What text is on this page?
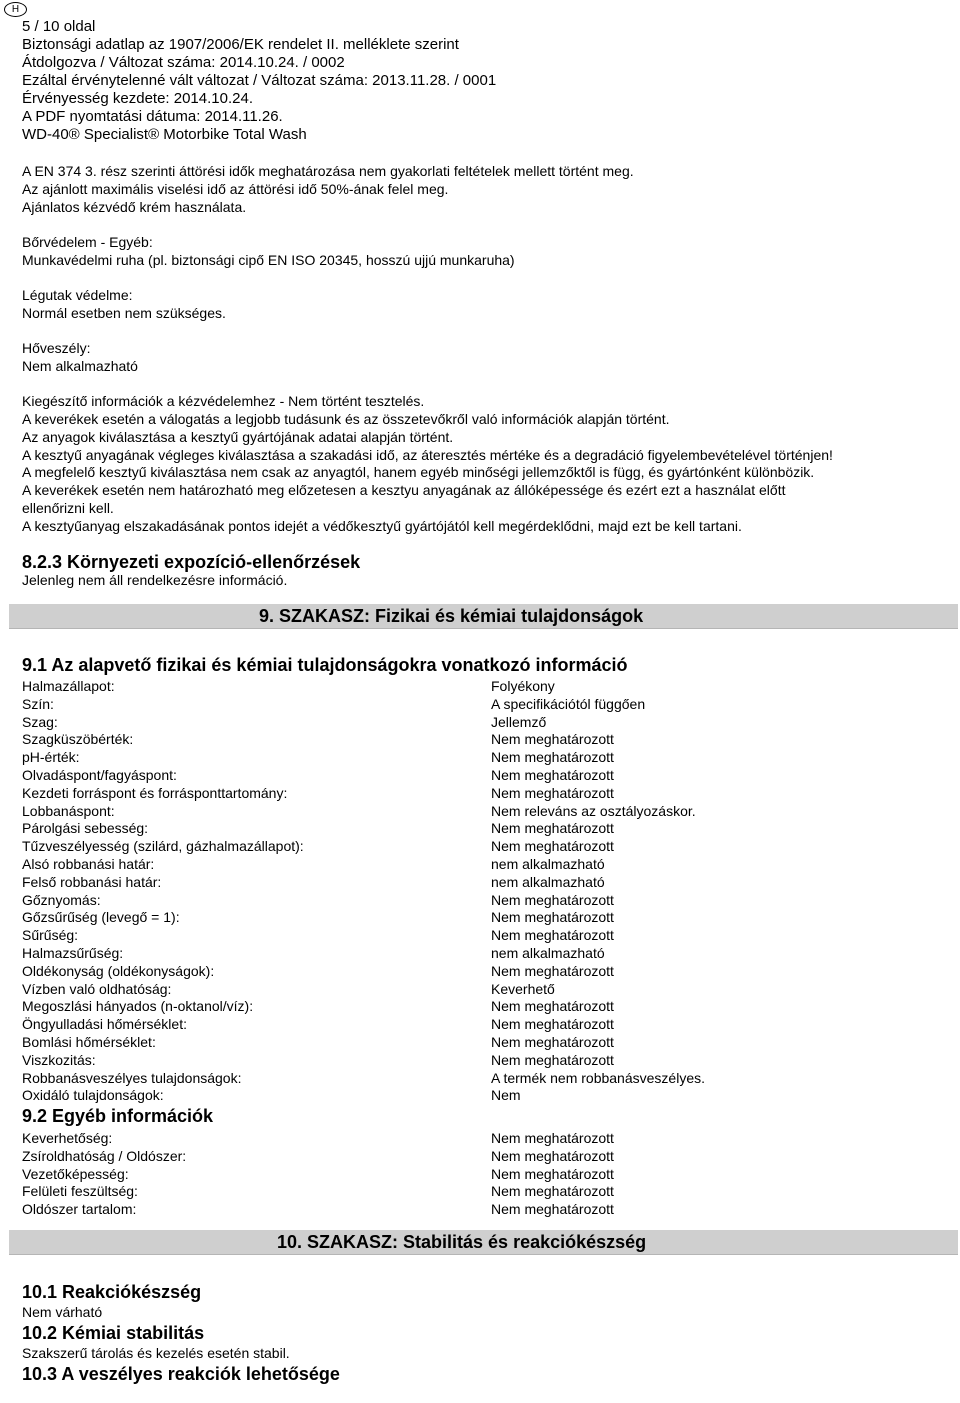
H
5 / 10 oldal
Biztonsági adatlap az 1907/2006/EK rendelet II. melléklete szerint
Átdolgozva / Változat száma: 2014.10.24. / 0002
Ezáltal érvénytelenné vált változat / Változat száma: 2013.11.28. / 0001
Érvényesség kezdete: 2014.10.24.
A PDF nyomtatási dátuma: 2014.11.26.
WD-40® Specialist® Motorbike Total Wash
A EN 374 3. rész szerinti áttörési idők meghatározása nem gyakorlati feltételek mellett történt meg.
Az ajánlott maximális viselési idő az áttörési idő 50%-ának felel meg.
Ajánlatos kézvédő krém használata.
Bőrvédelem - Egyéb:
Munkavédelmi ruha (pl. biztonsági cipő EN ISO 20345, hosszú ujjú munkaruha)
Légutak védelme:
Normál esetben nem szükséges.
Hőveszély:
Nem alkalmazható
Kiegészítő információk a kézvédelemhez - Nem történt tesztelés.
A keverékek esetén a válogatás a legjobb tudásunk és az összetevőkről való információk alapján történt.
Az anyagok kiválasztása a kesztyű gyártójának adatai alapján történt.
A kesztyű anyagának végleges kiválasztása a szakadási idő, az áteresztés mértéke és a degradáció figyelembevételével történjen!
A megfelelő kesztyű kiválasztása nem csak az anyagtól, hanem egyéb minőségi jellemzőktől is függ, és gyártónként különbözik.
A keverékek esetén nem határozható meg előzetesen a kesztyu anyagának az állóképessége és ezért ezt a használat előtt
ellenőrizni kell.
A kesztyűanyag elszakadásának pontos idejét a védőkesztyű gyártójától kell megérdeklődni, majd ezt be kell tartani.
8.2.3 Környezeti expozíció-ellenőrzések
Jelenleg nem áll rendelkezésre információ.
9. SZAKASZ: Fizikai és kémiai tulajdonságok
9.1 Az alapvető fizikai és kémiai tulajdonságokra vonatkozó információ
Halmazállapot:	Folyékony
Szín:	A specifikációtól függően
Szag:	Jellemző
Szagküszöbérték:	Nem meghatározott
pH-érték:	Nem meghatározott
Olvadáspont/fagyáspont:	Nem meghatározott
Kezdeti forráspont és forrásponttartomány:	Nem meghatározott
Lobbanáspont:	Nem releváns az osztályozáskor.
Párolgási sebesség:	Nem meghatározott
Tűzveszélyesség (szilárd, gázhalmazállapot):	Nem meghatározott
Alsó robbanási határ:	nem alkalmazható
Felső robbanási határ:	nem alkalmazható
Gőznyomás:	Nem meghatározott
Gőzsűrűség (levegő = 1):	Nem meghatározott
Sűrűség:	Nem meghatározott
Halmazsűrűség:	nem alkalmazható
Oldékonyság (oldékonyságok):	Nem meghatározott
Vízben való oldhatóság:	Keverhető
Megoszlási hányados (n-oktanol/víz):	Nem meghatározott
Öngyulladási hőmérséklet:	Nem meghatározott
Bomlási hőmérséklet:	Nem meghatározott
Viszkozitás:	Nem meghatározott
Robbanásveszélyes tulajdonságok:	A termék nem robbanásveszélyes.
Oxidáló tulajdonságok:	Nem
9.2 Egyéb információk
Keverhetőség:	Nem meghatározott
Zsíroldhatóság / Oldószer:	Nem meghatározott
Vezetőképesség:	Nem meghatározott
Felületi feszültség:	Nem meghatározott
Oldószer tartalom:	Nem meghatározott
10. SZAKASZ: Stabilitás és reakciókészség
10.1 Reakciókészség
Nem várható
10.2 Kémiai stabilitás
Szakszerű tárolás és kezelés esetén stabil.
10.3 A veszélyes reakciók lehetősége
